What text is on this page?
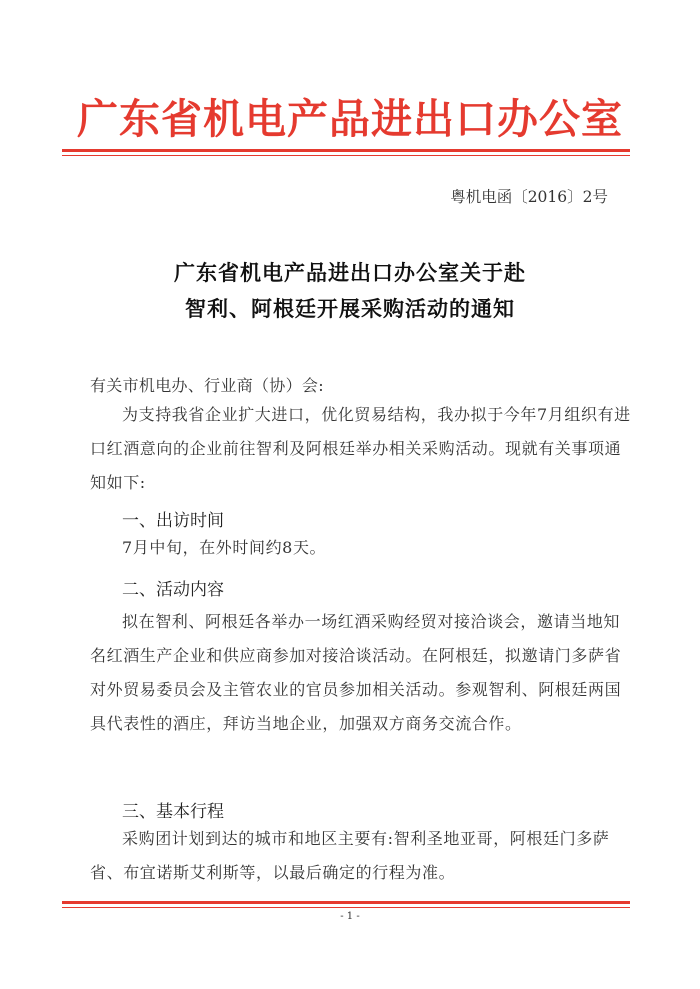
广东省机电产品进出口办公室
粤机电函〔2016〕2号
广东省机电产品进出口办公室关于赴
智利、阿根廷开展采购活动的通知
有关市机电办、行业商（协）会:
为支持我省企业扩大进口，优化贸易结构，我办拟于今年7月组织有进口红酒意向的企业前往智利及阿根廷举办相关采购活动。现就有关事项通知如下:
一、出访时间
7月中旬，在外时间约8天。
二、活动内容
拟在智利、阿根廷各举办一场红酒采购经贸对接洽谈会，邀请当地知名红酒生产企业和供应商参加对接洽谈活动。在阿根廷，拟邀请门多萨省对外贸易委员会及主管农业的官员参加相关活动。参观智利、阿根廷两国具代表性的酒庄，拜访当地企业，加强双方商务交流合作。
三、基本行程
采购团计划到达的城市和地区主要有:智利圣地亚哥，阿根廷门多萨省、布宜诺斯艾利斯等，以最后确定的行程为准。
- 1 -
